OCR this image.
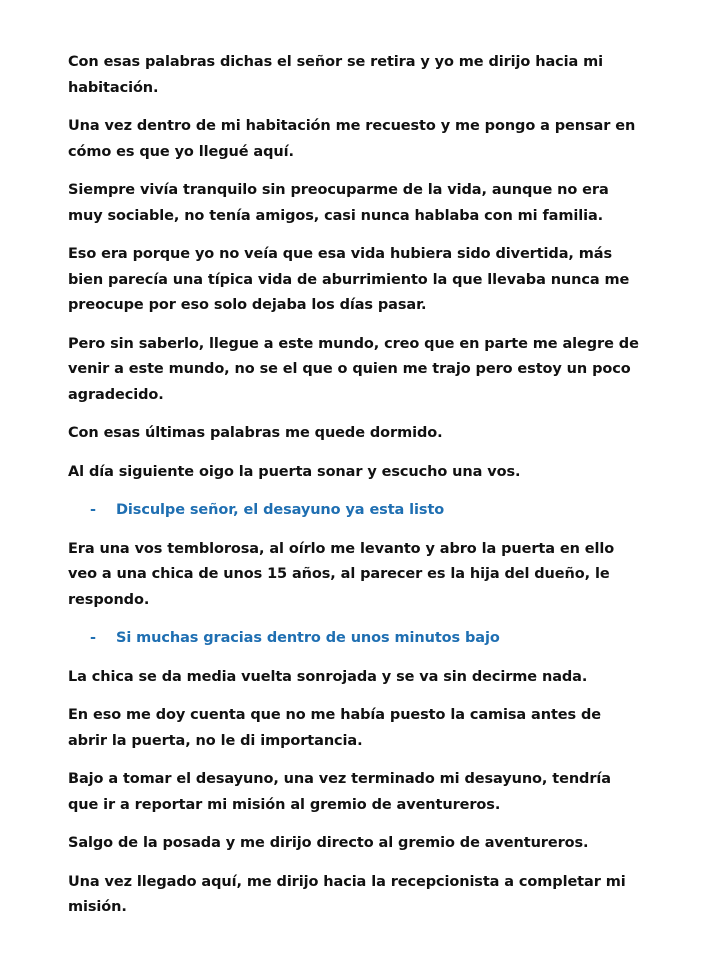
Con esas palabras dichas el señor se retira y yo me dirijo hacia mi habitación.

Una vez dentro de mi habitación me recuesto y me pongo a pensar en cómo es que yo llegué aquí.

Siempre vivía tranquilo sin preocuparme de la vida, aunque no era muy sociable, no tenía amigos, casi nunca hablaba con mi familia.

Eso era porque yo no veía que esa vida hubiera sido divertida, más bien parecía una típica vida de aburrimiento la que llevaba nunca me preocupe por eso solo dejaba los días pasar.

Pero sin saberlo, llegue a este mundo, creo que en parte me alegre de venir a este mundo, no se el que o quien me trajo pero estoy un poco agradecido.

Con esas últimas palabras me quede dormido.

Al día siguiente oigo la puerta sonar y escucho una vos.

-	Disculpe señor, el desayuno ya esta listo

Era una vos temblorosa, al oírlo me levanto y abro la puerta en ello veo a una chica de unos 15 años, al parecer es la hija del dueño, le respondo.

-	Si muchas gracias dentro de unos minutos bajo

La chica se da media vuelta sonrojada y se va sin decirme nada.

En eso me doy cuenta que no me había puesto la camisa antes de abrir la puerta, no le di importancia.

Bajo a tomar el desayuno, una vez terminado mi desayuno, tendría que ir a reportar mi misión al gremio de aventureros.

Salgo de la posada y me dirijo directo al gremio de aventureros.

Una vez llegado aquí, me dirijo hacia la recepcionista a completar mi misión.
